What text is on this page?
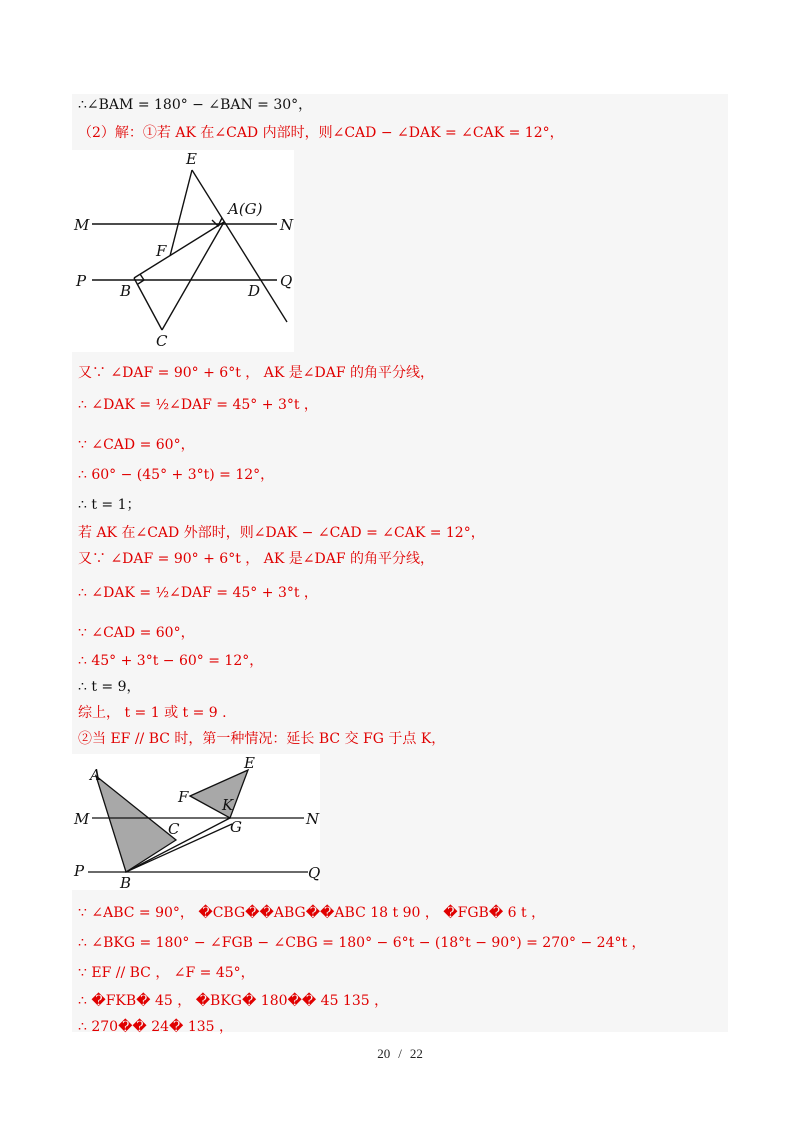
∴∠BAM = 180° − ∠BAN = 30°，
（2）解：①若 AK 在∠CAD 内部时，则∠CAD − ∠DAK = ∠CAK = 12°，
E
A(G)
M	N
F
P	Q
B	D
C
又∵ ∠DAF = 90° + 6°t ， AK 是∠DAF 的角平分线，
∴ ∠DAK = ½∠DAF = 45° + 3°t ，
∵ ∠CAD = 60°，
∴ 60° − (45° + 3°t) = 12°，
∴ t = 1；
若 AK 在∠CAD 外部时，则∠DAK − ∠CAD = ∠CAK = 12°，
又∵ ∠DAF = 90° + 6°t ， AK 是∠DAF 的角平分线，
∴ ∠DAK = ½∠DAF = 45° + 3°t ，
∵ ∠CAD = 60°，
∴ 45° + 3°t − 60° = 12°，
∴ t = 9，
综上， t = 1 或 t = 9 .
②当 EF // BC 时，第一种情况：延长 BC 交 FG 于点 K，
A
E
F K
M	N
C	G
P	Q
B
∵ ∠ABC = 90°， �CBG��ABG��ABC 18 t 90 ， �FGB� 6 t ，
∴ ∠BKG = 180° − ∠FGB − ∠CBG = 180° − 6°t − (18°t − 90°) = 270° − 24°t ，
∵ EF // BC ， ∠F = 45°，
∴ �FKB� 45 ， �BKG� 180�� 45 135 ，
∴ 270�� 24� 135 ，
20 / 22
